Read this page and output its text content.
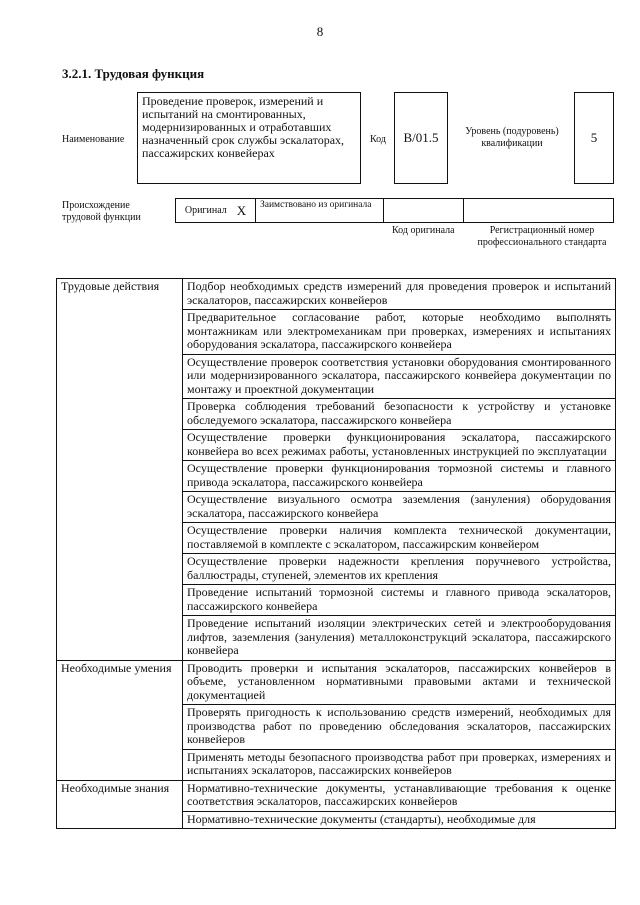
8
3.2.1. Трудовая функция
Наименование
Проведение проверок, измерений и испытаний на смонтированных, модернизированных и отработавших назначенный срок службы эскалаторах, пассажирских конвейерах
Код	B/01.5	Уровень (подуровень) квалификации	5
Происхождение трудовой функции
Оригинал X	Заимствовано из оригинала
Код оригинала	Регистрационный номер профессионального стандарта
Трудовые действия	Подбор необходимых средств измерений для проведения проверок и испытаний эскалаторов, пассажирских конвейеров
	Предварительное согласование работ, которые необходимо выполнять монтажникам или электромеханикам при проверках, измерениях и испытаниях оборудования эскалатора, пассажирского конвейера
	Осуществление проверок соответствия установки оборудования смонтированного или модернизированного эскалатора, пассажирского конвейера документации по монтажу и проектной документации
	Проверка соблюдения требований безопасности к устройству и установке обследуемого эскалатора, пассажирского конвейера
	Осуществление проверки функционирования эскалатора, пассажирского конвейера во всех режимах работы, установленных инструкцией по эксплуатации
	Осуществление проверки функционирования тормозной системы и главного привода эскалатора, пассажирского конвейера
	Осуществление визуального осмотра заземления (зануления) оборудования эскалатора, пассажирского конвейера
	Осуществление проверки наличия комплекта технической документации, поставляемой в комплекте с эскалатором, пассажирским конвейером
	Осуществление проверки надежности крепления поручневого устройства, баллюстрады, ступеней, элементов их крепления
	Проведение испытаний тормозной системы и главного привода эскалаторов, пассажирского конвейера
	Проведение испытаний изоляции электрических сетей и электрооборудования лифтов, заземления (зануления) металлоконструкций эскалатора, пассажирского конвейера
Необходимые умения	Проводить проверки и испытания эскалаторов, пассажирских конвейеров в объеме, установленном нормативными правовыми актами и технической документацией
	Проверять пригодность к использованию средств измерений, необходимых для производства работ по проведению обследования эскалаторов, пассажирских конвейеров
	Применять методы безопасного производства работ при проверках, измерениях и испытаниях эскалаторов, пассажирских конвейеров
Необходимые знания	Нормативно-технические документы, устанавливающие требования к оценке соответствия эскалаторов, пассажирских конвейеров
	Нормативно-технические документы (стандарты), необходимые для
